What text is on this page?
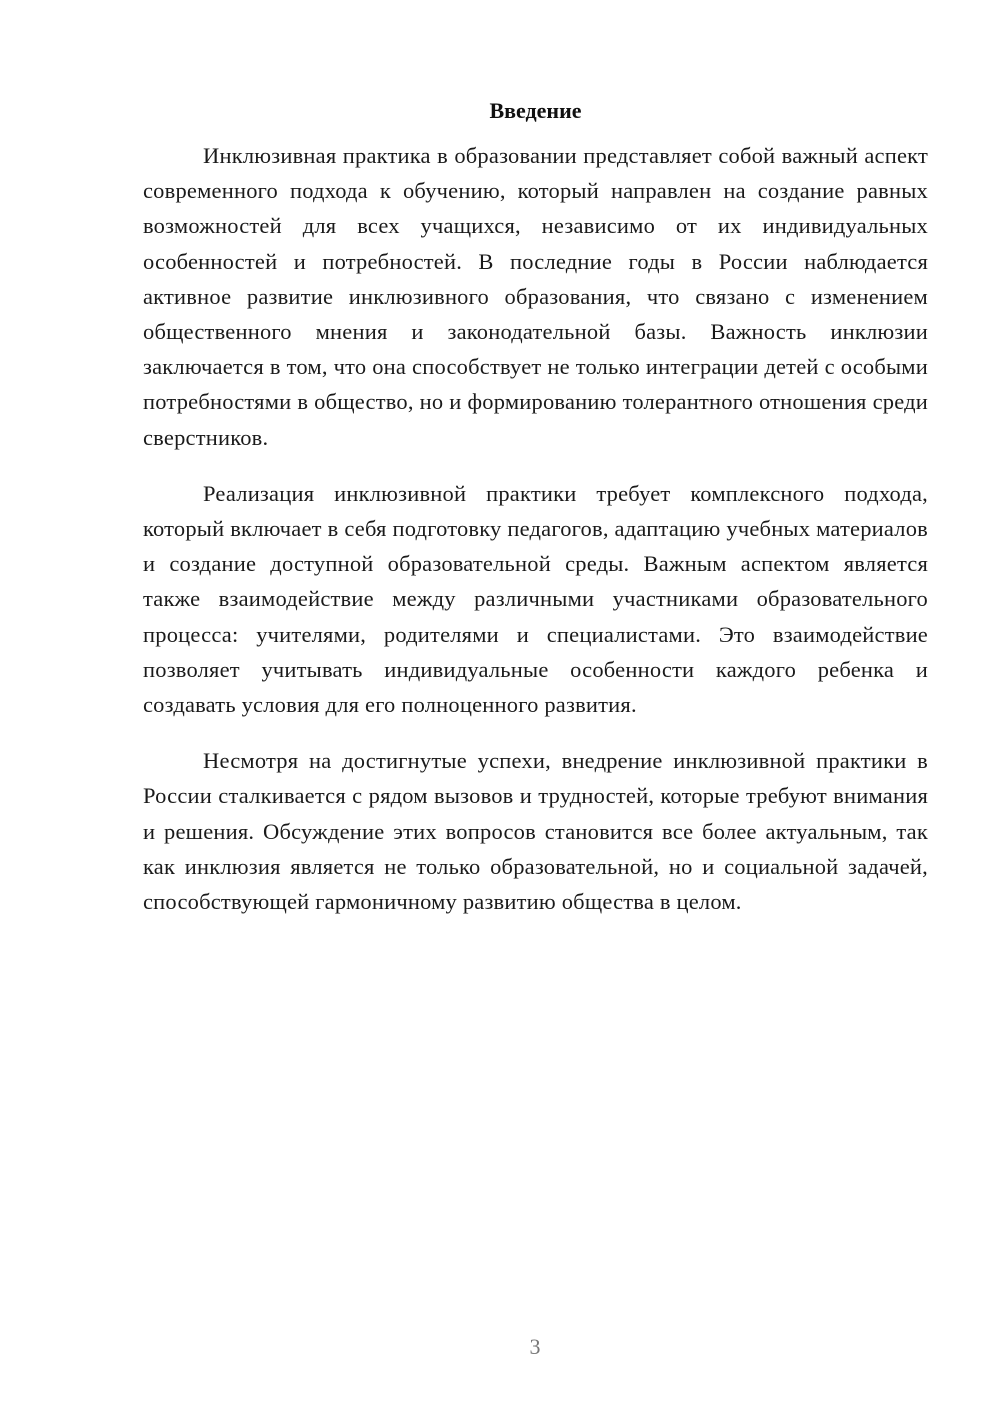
Введение

Инклюзивная практика в образовании представляет собой важный аспект современного подхода к обучению, который направлен на создание равных возможностей для всех учащихся, независимо от их индивидуальных особенностей и потребностей. В последние годы в России наблюдается активное развитие инклюзивного образования, что связано с изменением общественного мнения и законодательной базы. Важность инклюзии заключается в том, что она способствует не только интеграции детей с особыми потребностями в общество, но и формированию толерантного отношения среди сверстников.

Реализация инклюзивной практики требует комплексного подхода, который включает в себя подготовку педагогов, адаптацию учебных материалов и создание доступной образовательной среды. Важным аспектом является также взаимодействие между различными участниками образовательного процесса: учителями, родителями и специалистами. Это взаимодействие позволяет учитывать индивидуальные особенности каждого ребенка и создавать условия для его полноценного развития.

Несмотря на достигнутые успехи, внедрение инклюзивной практики в России сталкивается с рядом вызовов и трудностей, которые требуют внимания и решения. Обсуждение этих вопросов становится все более актуальным, так как инклюзия является не только образовательной, но и социальной задачей, способствующей гармоничному развитию общества в целом.

3
